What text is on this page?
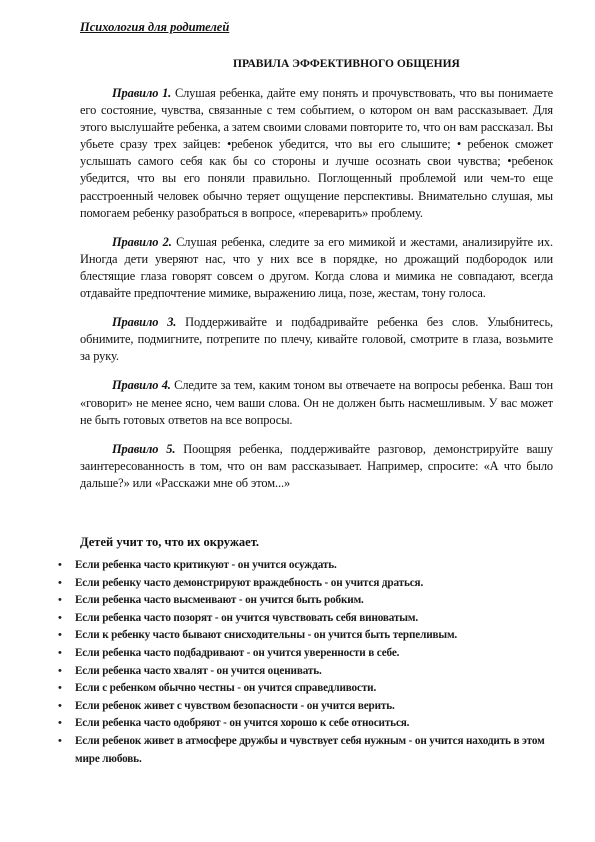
Психология для родителей
ПРАВИЛА ЭФФЕКТИВНОГО ОБЩЕНИЯ

Правило 1. Слушая ребенка, дайте ему понять и прочувствовать, что вы понимаете его состояние, чувства, связанные с тем событием, о котором он вам рассказывает. Для этого выслушайте ребенка, а затем своими словами повторите то, что он вам рассказал. Вы убьете сразу трех зайцев: •ребенок убедится, что вы его слышите; • ребенок сможет услышать самого себя как бы со стороны и лучше осознать свои чувства; •ребенок убедится, что вы его поняли правильно. Поглощенный проблемой или чем-то еще расстроенный человек обычно теряет ощущение перспективы. Внимательно слушая, мы помогаем ребенку разобраться в вопросе, «переварить» проблему.

Правило 2. Слушая ребенка, следите за его мимикой и жестами, анализируйте их. Иногда дети уверяют нас, что у них все в порядке, но дрожащий подбородок или блестящие глаза говорят совсем о другом. Когда слова и мимика не совпадают, всегда отдавайте предпочтение мимике, выражению лица, позе, жестам, тону голоса.

Правило 3. Поддерживайте и подбадривайте ребенка без слов. Улыбнитесь, обнимите, подмигните, потрепите по плечу, кивайте головой, смотрите в глаза, возьмите за руку.

Правило 4. Следите за тем, каким тоном вы отвечаете на вопросы ребенка. Ваш тон «говорит» не менее ясно, чем ваши слова. Он не должен быть насмешливым. У вас может не быть готовых ответов на все вопросы.

Правило 5. Поощряя ребенка, поддерживайте разговор, демонстрируйте вашу заинтересованность в том, что он вам рассказывает. Например, спросите: «А что было дальше?» или «Расскажи мне об этом...»

Детей учит то, что их окружает.
• Если ребенка часто критикуют - он учится осуждать.
• Если ребенку часто демонстрируют враждебность - он учится драться.
• Если ребенка часто высмеивают - он учится быть робким.
• Если ребенка часто позорят - он учится чувствовать себя виноватым.
• Если к ребенку часто бывают снисходительны - он учится быть терпеливым.
• Если ребенка часто подбадривают - он учится уверенности в себе.
• Если ребенка часто хвалят - он учится оценивать.
• Если с ребенком обычно честны - он учится справедливости.
• Если ребенок живет с чувством безопасности - он учится верить.
• Если ребенка часто одобряют - он учится хорошо к себе относиться.
• Если ребенок живет в атмосфере дружбы и чувствует себя нужным - он учится находить в этом мире любовь.
